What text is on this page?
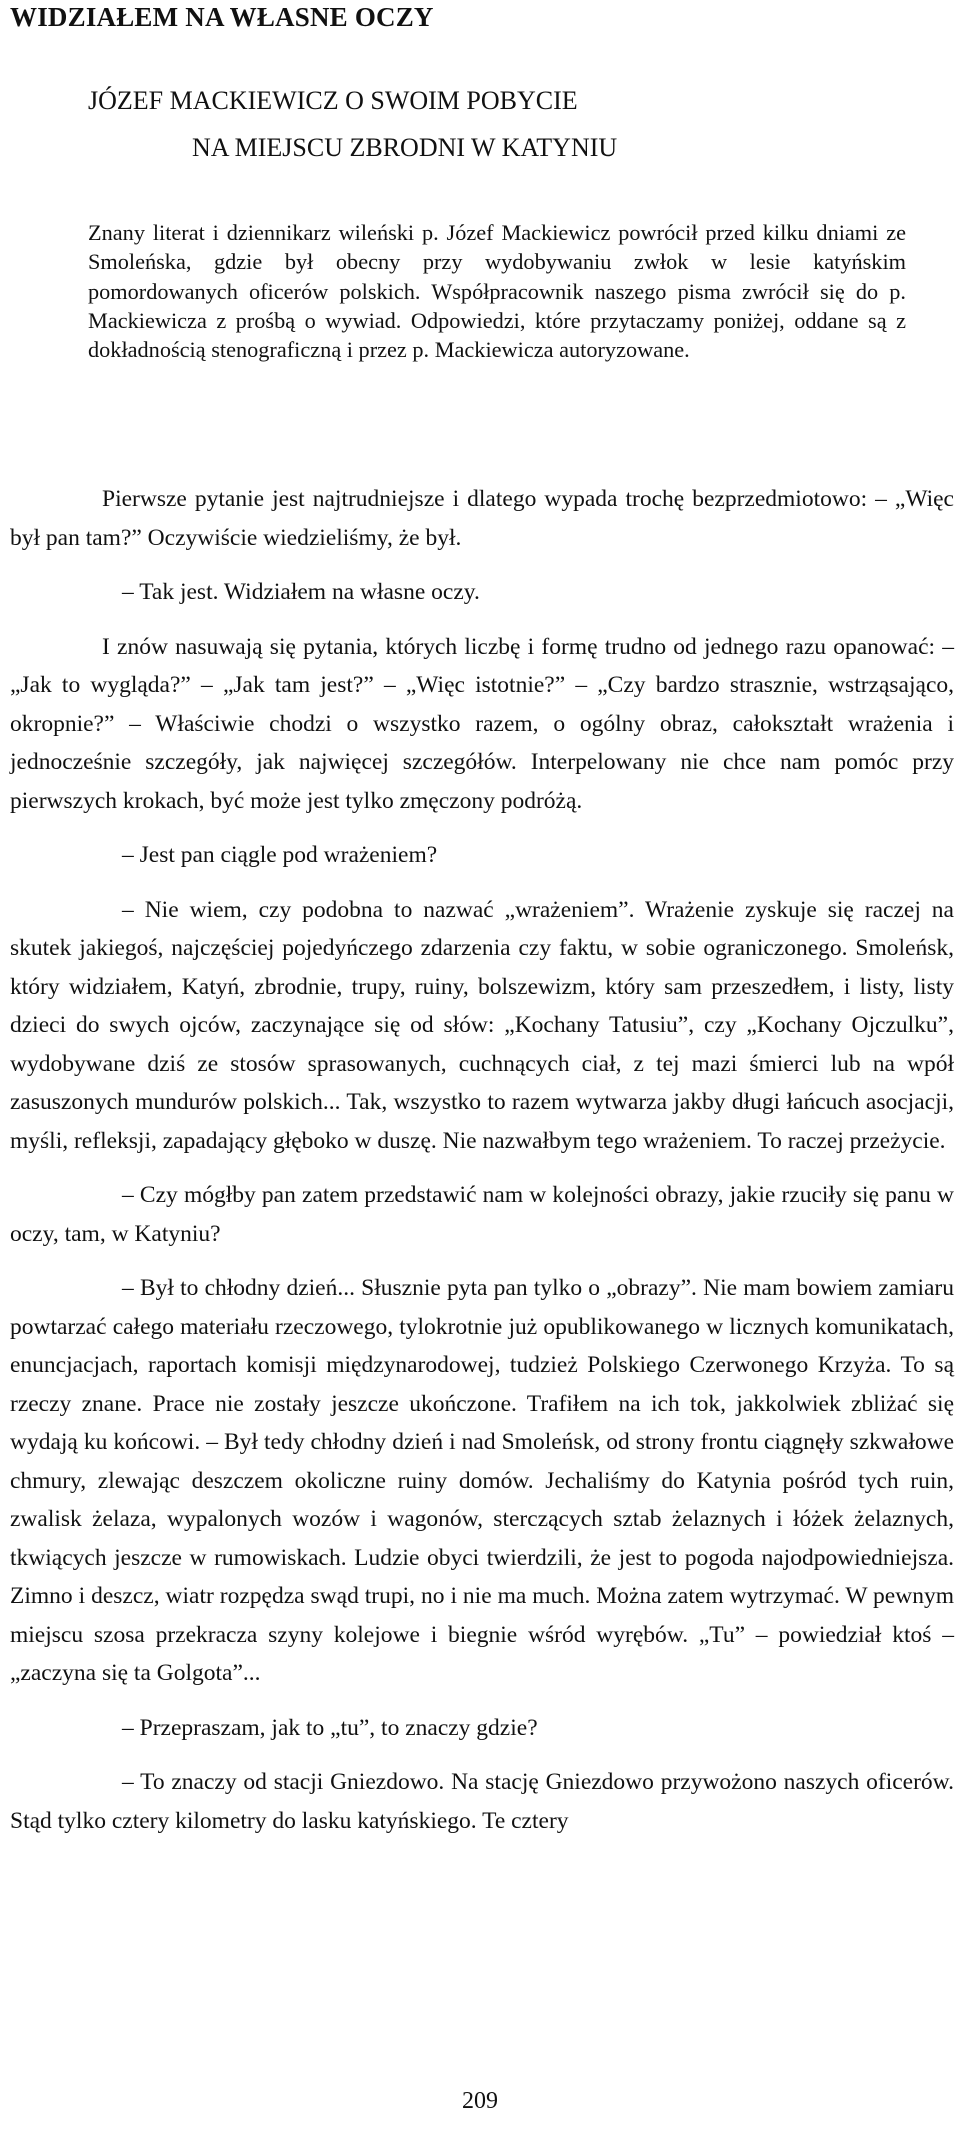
WIDZIAŁEM NA WŁASNE OCZY

JÓZEF MACKIEWICZ O SWOIM POBYCIE

NA MIEJSCU ZBRODNI W KATYNIU

Znany literat i dziennikarz wileński p. Józef Mackiewicz powrócił przed kilku dniami ze Smoleńska, gdzie był obecny przy wydobywaniu zwłok w lesie katyńskim pomordowanych oficerów polskich. Współpracownik naszego pisma zwrócił się do p. Mackiewicza z prośbą o wywiad. Odpowiedzi, które przytaczamy poniżej, oddane są z dokładnością stenograficzną i przez p. Mackiewicza autoryzowane.

Pierwsze pytanie jest najtrudniejsze i dlatego wypada trochę bezprzedmiotowo: – „Więc był pan tam?” Oczywiście wiedzieliśmy, że był.

– Tak jest. Widziałem na własne oczy.

I znów nasuwają się pytania, których liczbę i formę trudno od jednego razu opanować: – „Jak to wygląda?” – „Jak tam jest?” – „Więc istotnie?” – „Czy bardzo strasznie, wstrząsająco, okropnie?” – Właściwie chodzi o wszystko razem, o ogólny obraz, całokształt wrażenia i jednocześnie szczegóły, jak najwięcej szczegółów. Interpelowany nie chce nam pomóc przy pierwszych krokach, być może jest tylko zmęczony podróżą.

– Jest pan ciągle pod wrażeniem?

– Nie wiem, czy podobna to nazwać „wrażeniem”. Wrażenie zyskuje się raczej na skutek jakiegoś, najczęściej pojedyńczego zdarzenia czy faktu, w sobie ograniczonego. Smoleńsk, który widziałem, Katyń, zbrodnie, trupy, ruiny, bolszewizm, który sam przeszedłem, i listy, listy dzieci do swych ojców, zaczynające się od słów: „Kochany Tatusiu”, czy „Kochany Ojczulku”, wydobywane dziś ze stosów sprasowanych, cuchnących ciał, z tej mazi śmierci lub na wpół zasuszonych mundurów polskich... Tak, wszystko to razem wytwarza jakby długi łańcuch asocjacji, myśli, refleksji, zapadający głęboko w duszę. Nie nazwałbym tego wrażeniem. To raczej przeżycie.

– Czy mógłby pan zatem przedstawić nam w kolejności obrazy, jakie rzuciły się panu w oczy, tam, w Katyniu?

– Był to chłodny dzień... Słusznie pyta pan tylko o „obrazy”. Nie mam bowiem zamiaru powtarzać całego materiału rzeczowego, tylokrotnie już opublikowanego w licznych komunikatach, enuncjacjach, raportach komisji międzynarodowej, tudzież Polskiego Czerwonego Krzyża. To są rzeczy znane. Prace nie zostały jeszcze ukończone. Trafiłem na ich tok, jakkolwiek zbliżać się wydają ku końcowi. – Był tedy chłodny dzień i nad Smoleńsk, od strony frontu ciągnęły szkwałowe chmury, zlewając deszczem okoliczne ruiny domów. Jechaliśmy do Katynia pośród tych ruin, zwalisk żelaza, wypalonych wozów i wagonów, sterczących sztab żelaznych i łóżek żelaznych, tkwiących jeszcze w rumowiskach. Ludzie obyci twierdzili, że jest to pogoda najodpowiedniejsza. Zimno i deszcz, wiatr rozpędza swąd trupi, no i nie ma much. Można zatem wytrzymać. W pewnym miejscu szosa przekracza szyny kolejowe i biegnie wśród wyrębów. „Tu” – powiedział ktoś – „zaczyna się ta Golgota”...

– Przepraszam, jak to „tu”, to znaczy gdzie?

– To znaczy od stacji Gniezdowo. Na stację Gniezdowo przywożono naszych oficerów. Stąd tylko cztery kilometry do lasku katyńskiego. Te cztery

209
